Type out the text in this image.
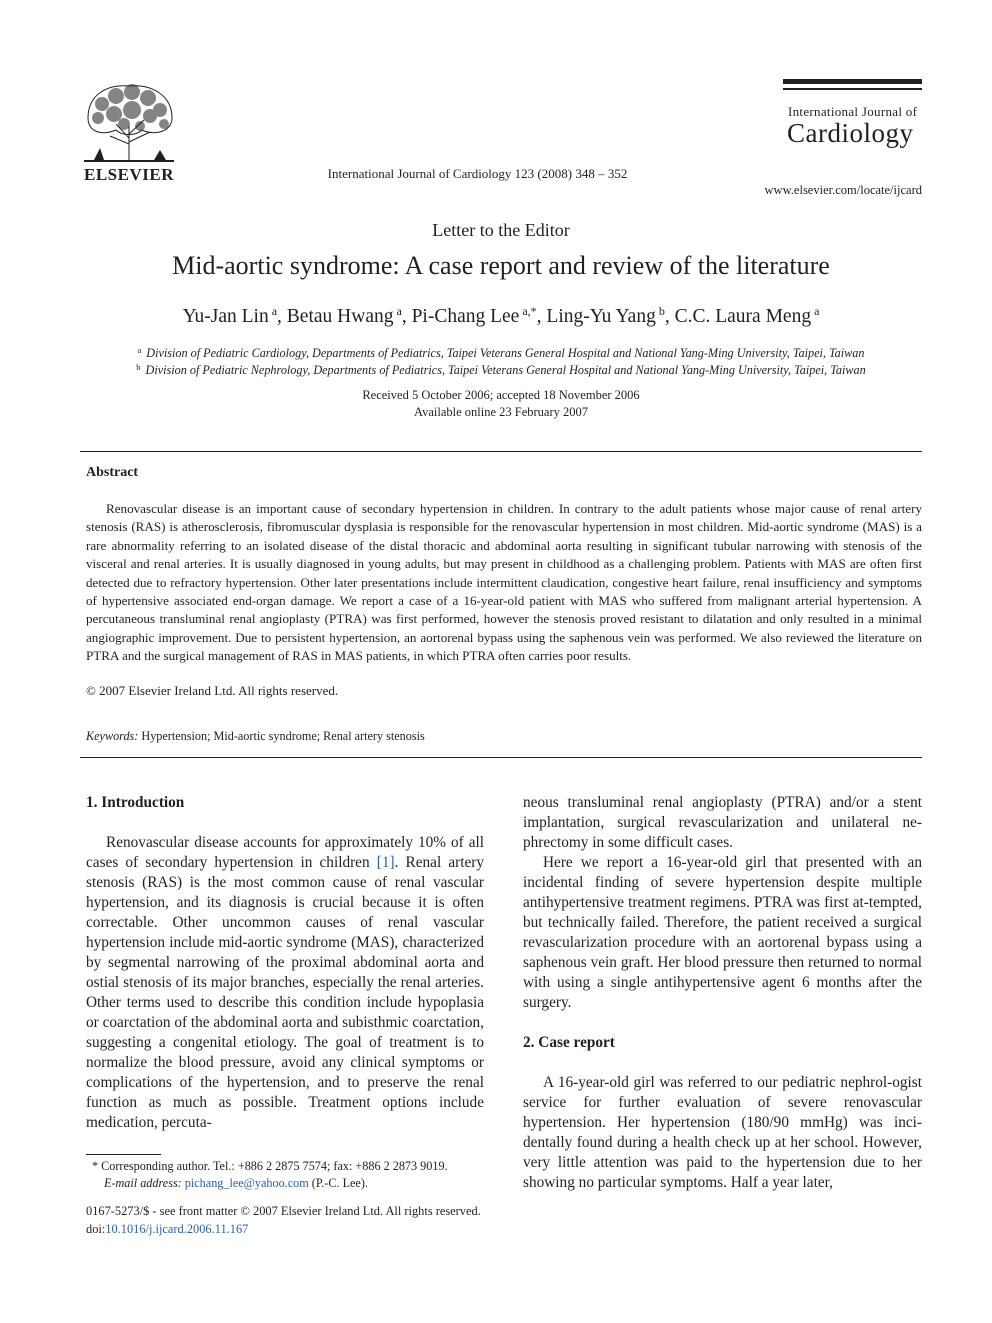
ELSEVIER	International Journal of Cardiology 123 (2008) 348 – 352
International Journal of
Cardiology
www.elsevier.com/locate/ijcard
Letter to the Editor
Mid-aortic syndrome: A case report and review of the literature
Yu-Jan Lin $^a$, Betau Hwang $^a$, Pi-Chang Lee $^{a,*}$, Ling-Yu Yang $^b$, C.C. Laura Meng $^a$
$^a$ Division of Pediatric Cardiology, Departments of Pediatrics, Taipei Veterans General Hospital and National Yang-Ming University, Taipei, Taiwan
$^b$ Division of Pediatric Nephrology, Departments of Pediatrics, Taipei Veterans General Hospital and National Yang-Ming University, Taipei, Taiwan
Received 5 October 2006; accepted 18 November 2006
Available online 23 February 2007
Abstract
Renovascular disease is an important cause of secondary hypertension in children. In contrary to the adult patients whose major cause of renal artery stenosis (RAS) is atherosclerosis, fibromuscular dysplasia is responsible for the renovascular hypertension in most children. Mid-aortic syndrome (MAS) is a rare abnormality referring to an isolated disease of the distal thoracic and abdominal aorta resulting in significant tubular narrowing with stenosis of the visceral and renal arteries. It is usually diagnosed in young adults, but may present in childhood as a challenging problem. Patients with MAS are often first detected due to refractory hypertension. Other later presentations include intermittent claudication, congestive heart failure, renal insufficiency and symptoms of hypertensive associated end-organ damage. We report a case of a 16-year-old patient with MAS who suffered from malignant arterial hypertension. A percutaneous transluminal renal angioplasty (PTRA) was first performed, however the stenosis proved resistant to dilatation and only resulted in a minimal angiographic improvement. Due to persistent hypertension, an aortorenal bypass using the saphenous vein was performed. We also reviewed the literature on PTRA and the surgical management of RAS in MAS patients, in which PTRA often carries poor results.
© 2007 Elsevier Ireland Ltd. All rights reserved.
Keywords: Hypertension; Mid-aortic syndrome; Renal artery stenosis
1. Introduction

Renovascular disease accounts for approximately 10% of all cases of secondary hypertension in children [1]. Renal artery stenosis (RAS) is the most common cause of renal vascular hypertension, and its diagnosis is crucial because it is often correctable. Other uncommon causes of renal vascular hypertension include mid-aortic syndrome (MAS), characterized by segmental narrowing of the proximal abdominal aorta and ostial stenosis of its major branches, especially the renal arteries. Other terms used to describe this condition include hypoplasia or coarctation of the abdominal aorta and subisthmic coarctation, suggesting a congenital etiology. The goal of treatment is to normalize the blood pressure, avoid any clinical symptoms or complications of the hypertension, and to preserve the renal function as much as possible. Treatment options include medication, percuta-

neous transluminal renal angioplasty (PTRA) and/or a stent implantation, surgical revascularization and unilateral ne-phrectomy in some difficult cases.

Here we report a 16-year-old girl that presented with an incidental finding of severe hypertension despite multiple antihypertensive treatment regimens. PTRA was first at-tempted, but technically failed. Therefore, the patient received a surgical revascularization procedure with an aortorenal bypass using a saphenous vein graft. Her blood pressure then returned to normal with using a single antihypertensive agent 6 months after the surgery.

2. Case report

A 16-year-old girl was referred to our pediatric nephrol-ogist service for further evaluation of severe renovascular hypertension. Her hypertension (180/90 mmHg) was inci-dentally found during a health check up at her school. However, very little attention was paid to the hypertension due to her showing no particular symptoms. Half a year later,

* Corresponding author. Tel.: +886 2 2875 7574; fax: +886 2 2873 9019.
E-mail address: pichang_lee@yahoo.com (P.-C. Lee).
0167-5273/$ - see front matter © 2007 Elsevier Ireland Ltd. All rights reserved.
doi:10.1016/j.ijcard.2006.11.167
